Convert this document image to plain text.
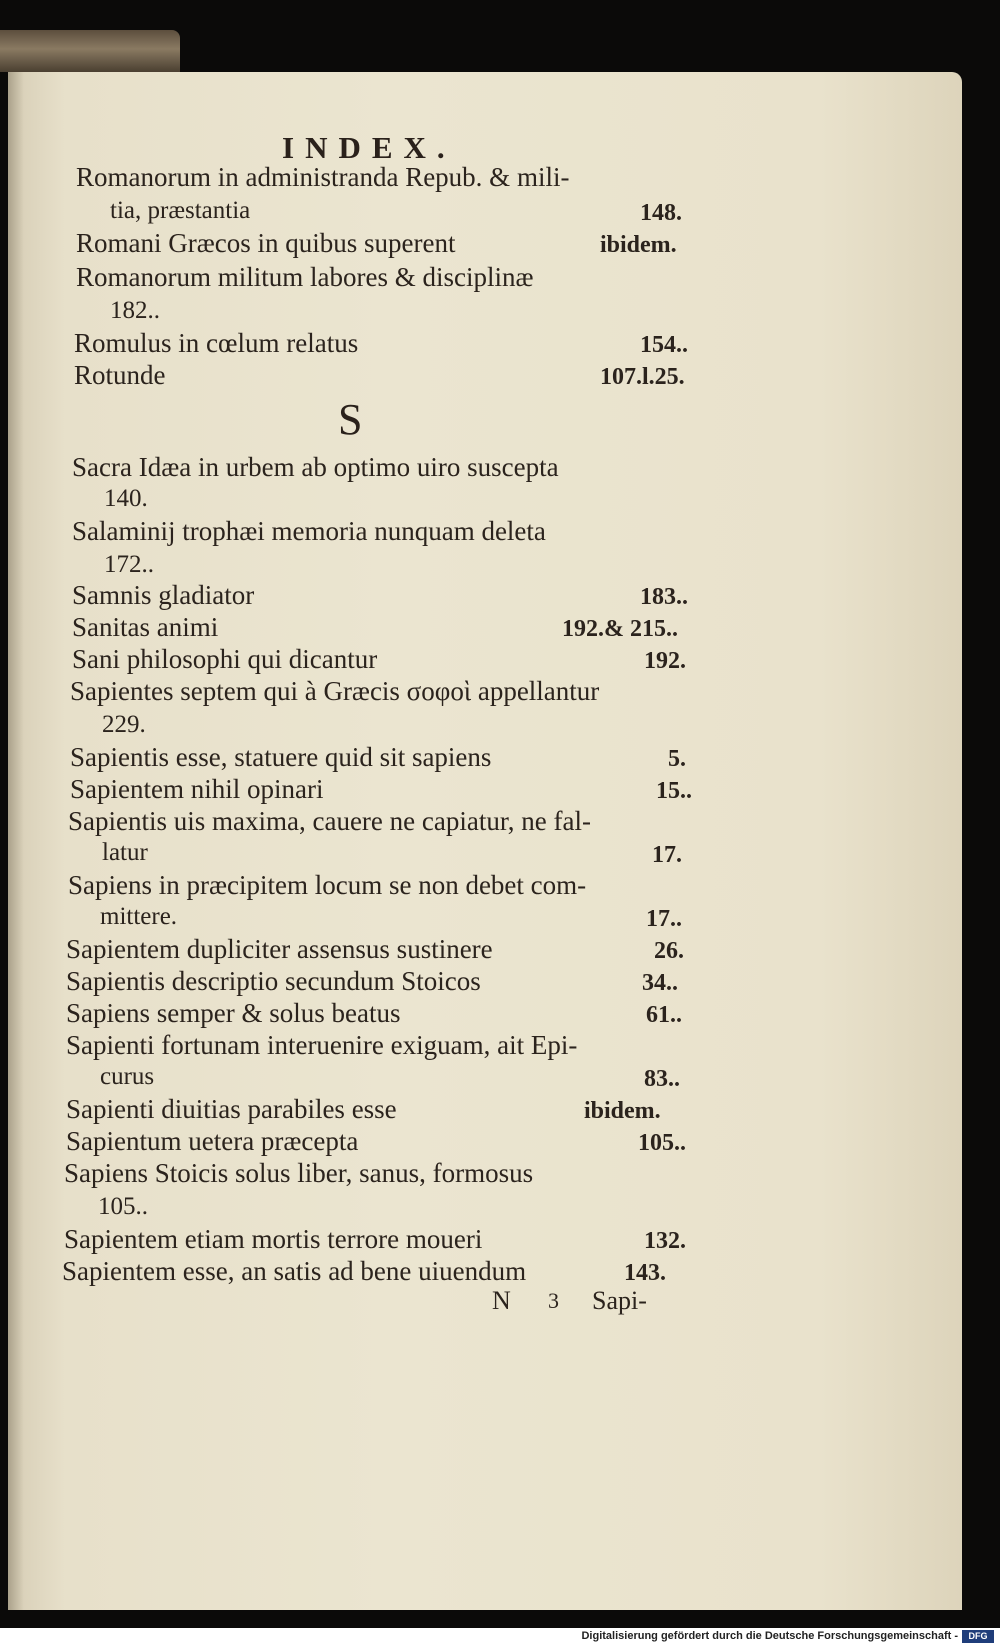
INDEX.
Romanorum in administranda Repub. & mili-
tia, præstantia	148.
Romani Græcos in quibus superent	ibidem.
Romanorum militum labores & disciplinæ
182..
Romulus in cœlum relatus	154..
Rotunde	107.l.25.
Sacra Idæa in urbem ab optimo uiro suscepta
140.
Salaminij trophæi memoria nunquam deleta
172..
Samnis gladiator	183..
Sanitas animi	192.& 215..
Sani philosophi qui dicantur	192.
Sapientes septem qui à Græcis σοφοὶ appellantur
229.
Sapientis esse, statuere quid sit sapiens	5.
Sapientem nihil opinari	15..
Sapientis uis maxima, cauere ne capiatur, ne fal-
latur	17.
Sapiens in præcipitem locum se non debet com-
mittere.	17..
Sapientem dupliciter assensus sustinere	26.
Sapientis descriptio secundum Stoicos	34..
Sapiens semper & solus beatus	61..
Sapienti fortunam interuenire exiguam, ait Epi-
curus	83..
Sapienti diuitias parabiles esse	ibidem.
Sapientum uetera præcepta	105..
Sapiens Stoicis solus liber, sanus, formosus
105..
Sapientem etiam mortis terrore moueri	132.
Sapientem esse, an satis ad bene uiuendum	143.
S
N 3 Sapi-
Digitalisierung gefördert durch die Deutsche Forschungsgemeinschaft -	DFG
